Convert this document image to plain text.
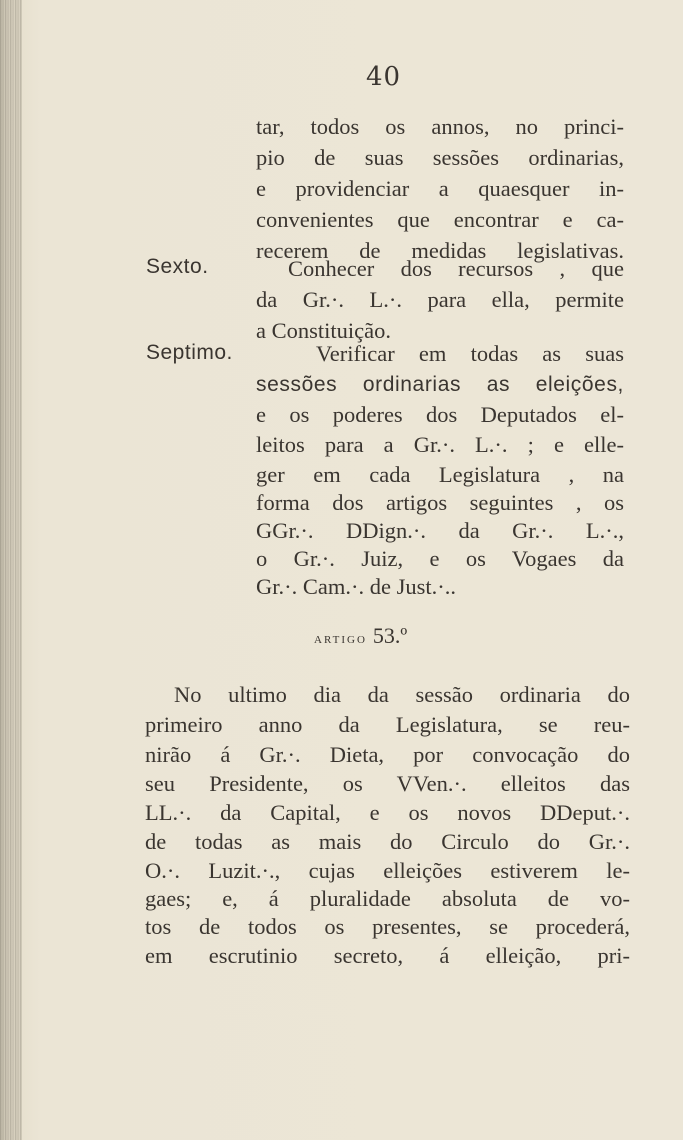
40
tar, todos os annos, no princi-
pio de suas sessões ordinarias,
e providenciar a quaesquer in-
convenientes que encontrar e ca-
recerem de medidas legislativas.
Sexto.	Conhecer dos recursos , que
da Gr.·. L.·. para ella, permite
a Constituição.
Septimo.	Verificar em todas as suas
sessões ordinarias as eleições,
e os poderes dos Deputados el-
leitos para a Gr.·. L.·. ; e elle-
ger em cada Legislatura , na
forma dos artigos seguintes , os
GGr.·. DDign.·. da Gr.·. L.·.,
o Gr.·. Juiz, e os Vogaes da
Gr.·. Cam.·. de Just.·..
artigo 53.º
No ultimo dia da sessão ordinaria do
primeiro anno da Legislatura, se reu-
nirão á Gr.·. Dieta, por convocação do
seu Presidente, os VVen.·. elleitos das
LL.·. da Capital, e os novos DDeput.·.
de todas as mais do Circulo do Gr.·.
O.·. Luzit.·., cujas elleições estiverem le-
gaes; e, á pluralidade absoluta de vo-
tos de todos os presentes, se procederá,
em escrutinio secreto, á elleição, pri-
